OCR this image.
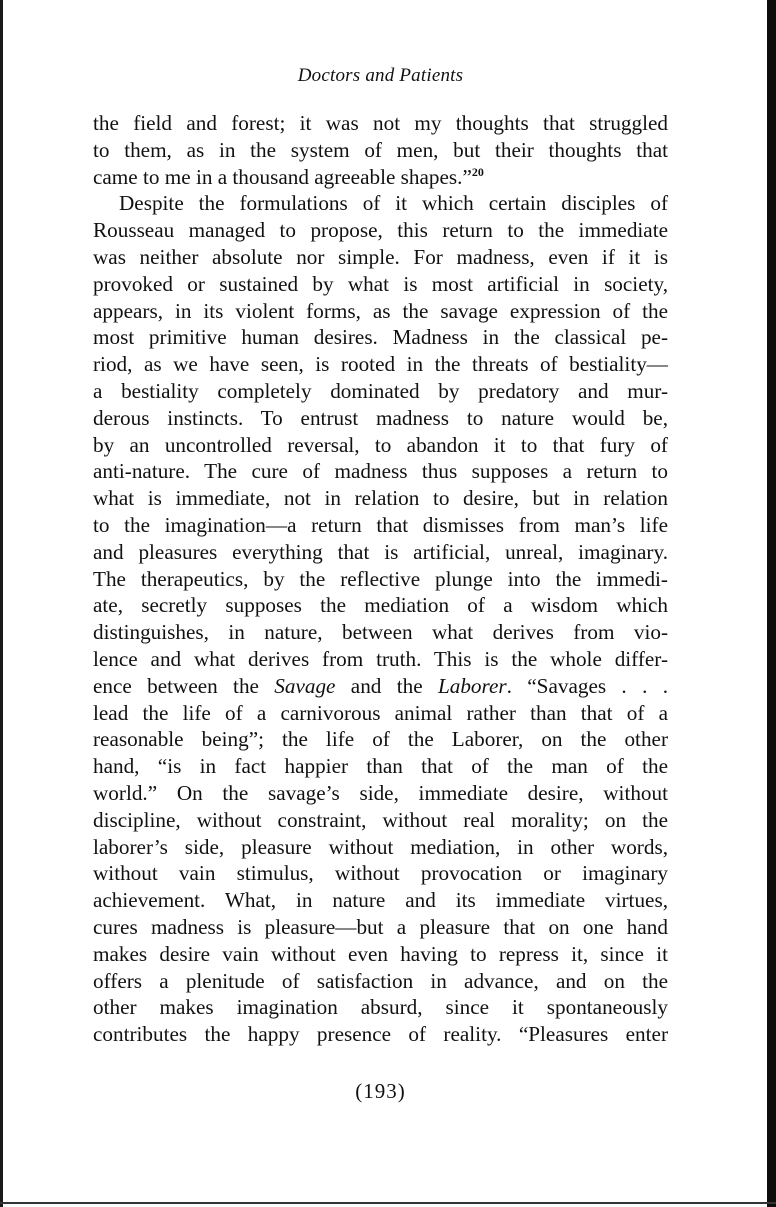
Doctors and Patients
the field and forest; it was not my thoughts that struggled
to them, as in the system of men, but their thoughts that
came to me in a thousand agreeable shapes.”$^{20}$
Despite the formulations of it which certain disciples of
Rousseau managed to propose, this return to the immediate
was neither absolute nor simple. For madness, even if it is
provoked or sustained by what is most artificial in society,
appears, in its violent forms, as the savage expression of the
most primitive human desires. Madness in the classical pe-
riod, as we have seen, is rooted in the threats of bestiality—
a bestiality completely dominated by predatory and mur-
derous instincts. To entrust madness to nature would be,
by an uncontrolled reversal, to abandon it to that fury of
anti-nature. The cure of madness thus supposes a return to
what is immediate, not in relation to desire, but in relation
to the imagination—a return that dismisses from man’s life
and pleasures everything that is artificial, unreal, imaginary.
The therapeutics, by the reflective plunge into the immedi-
ate, secretly supposes the mediation of a wisdom which
distinguishes, in nature, between what derives from vio-
lence and what derives from truth. This is the whole differ-
ence between the Savage and the Laborer. “Savages . . .
lead the life of a carnivorous animal rather than that of a
reasonable being”; the life of the Laborer, on the other
hand, “is in fact happier than that of the man of the
world.” On the savage’s side, immediate desire, without
discipline, without constraint, without real morality; on the
laborer’s side, pleasure without mediation, in other words,
without vain stimulus, without provocation or imaginary
achievement. What, in nature and its immediate virtues,
cures madness is pleasure—but a pleasure that on one hand
makes desire vain without even having to repress it, since it
offers a plenitude of satisfaction in advance, and on the
other makes imagination absurd, since it spontaneously
contributes the happy presence of reality. “Pleasures enter
(193)
